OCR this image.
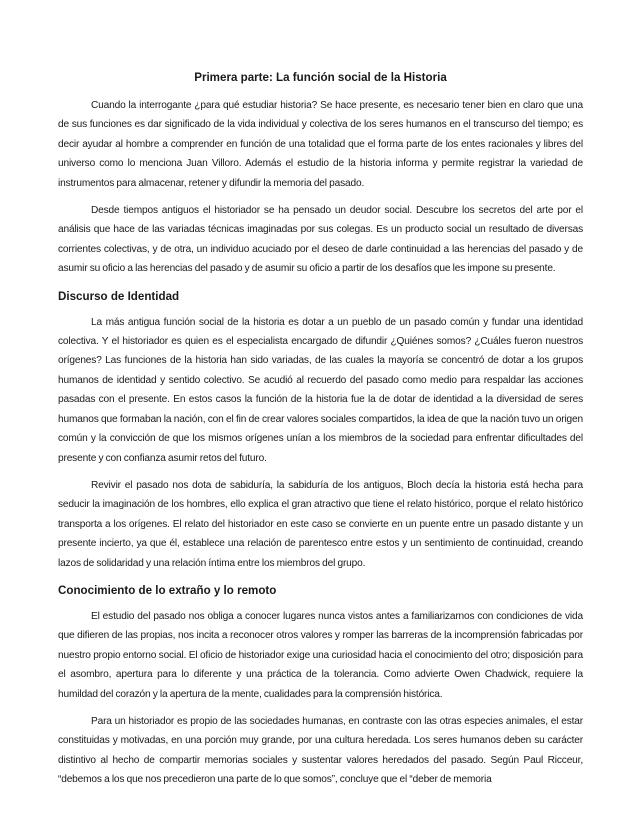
Primera parte: La función social de la Historia

Cuando la interrogante ¿para qué estudiar historia? Se hace presente, es necesario tener bien en claro que una de sus funciones es dar significado de la vida individual y colectiva de los seres humanos en el transcurso del tiempo; es decir ayudar al hombre a comprender en función de una totalidad que el forma parte de los entes racionales y libres del universo como lo menciona Juan Villoro. Además el estudio de la historia informa y permite registrar la variedad de instrumentos para almacenar, retener y difundir la memoria del pasado.

Desde tiempos antiguos el historiador se ha pensado un deudor social. Descubre los secretos del arte por el análisis que hace de las variadas técnicas imaginadas por sus colegas. Es un producto social un resultado de diversas corrientes colectivas, y de otra, un individuo acuciado por el deseo de darle continuidad a las herencias del pasado y de asumir su oficio a las herencias del pasado y de asumir su oficio a partir de los desafíos que les impone su presente.

Discurso de Identidad

La más antigua función social de la historia es dotar a un pueblo de un pasado común y fundar una identidad colectiva. Y el historiador es quien es el especialista encargado de difundir ¿Quiénes somos? ¿Cuáles fueron nuestros orígenes? Las funciones de la historia han sido variadas, de las cuales la mayoría se concentró de dotar a los grupos humanos de identidad y sentido colectivo. Se acudió al recuerdo del pasado como medio para respaldar las acciones pasadas con el presente. En estos casos la función de la historia fue la de dotar de identidad a la diversidad de seres humanos que formaban la nación, con el fin de crear valores sociales compartidos, la idea de que la nación tuvo un origen común y la convicción de que los mismos orígenes unían a los miembros de la sociedad para enfrentar dificultades del presente y con confianza asumir retos del futuro.

Revivir el pasado nos dota de sabiduría, la sabiduría de los antiguos, Bloch decía la historia está hecha para seducir la imaginación de los hombres, ello explica el gran atractivo que tiene el relato histórico, porque el relato histórico transporta a los orígenes. El relato del historiador en este caso se convierte en un puente entre un pasado distante y un presente incierto, ya que él, establece una relación de parentesco entre estos y un sentimiento de continuidad, creando lazos de solidaridad y una relación íntima entre los miembros del grupo.

Conocimiento de lo extraño y lo remoto

El estudio del pasado nos obliga a conocer lugares nunca vistos antes a familiarizarnos con condiciones de vida que difieren de las propias, nos incita a reconocer otros valores y romper las barreras de la incomprensión fabricadas por nuestro propio entorno social. El oficio de historiador exige una curiosidad hacia el conocimiento del otro; disposición para el asombro, apertura para lo diferente y una práctica de la tolerancia. Como advierte Owen Chadwick, requiere la humildad del corazón y la apertura de la mente, cualidades para la comprensión histórica.

Para un historiador es propio de las sociedades humanas, en contraste con las otras especies animales, el estar constituidas y motivadas, en una porción muy grande, por una cultura heredada. Los seres humanos deben su carácter distintivo al hecho de compartir memorias sociales y sustentar valores heredados del pasado. Según Paul Ricceur, “debemos a los que nos precedieron una parte de lo que somos”, concluye que el “deber de memoria
